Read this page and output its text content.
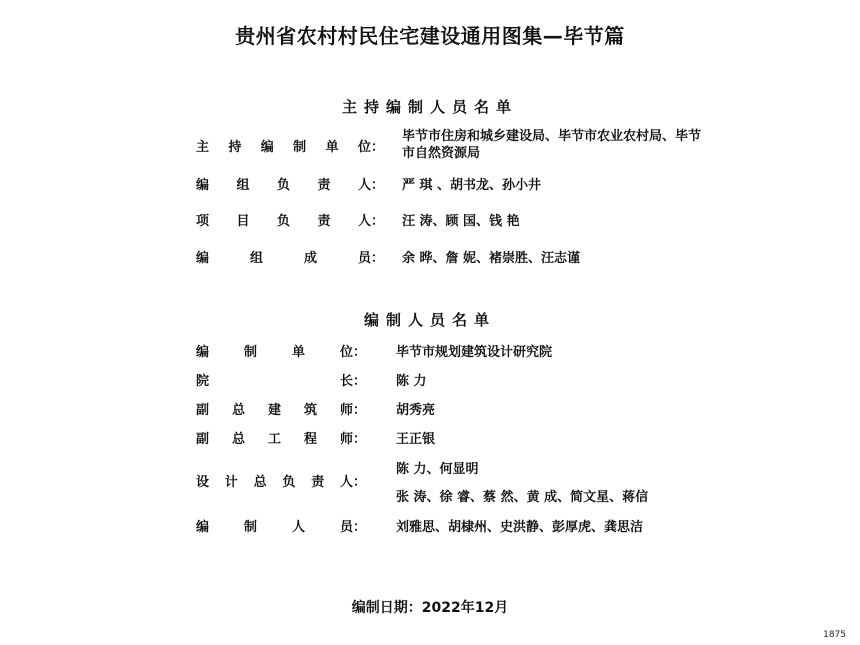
贵州省农村村民住宅建设通用图集—毕节篇
主持编制人员名单
主 持 编 制 单 位：
毕节市住房和城乡建设局、毕节市农业农村局、毕节市自然资源局
编 组 负 责 人： 严 琪 、胡书龙、孙小井
项 目 负 责 人： 汪 涛、顾 国、钱 艳
编	组	成	员： 余 晔、詹 妮、褚崇胜、汪志谨
编制人员名单
编	制	单	位： 毕节市规划建筑设计研究院
院	长： 陈 力
副 总 建 筑 师： 胡秀亮
副 总 工 程 师： 王正银
设 计 总 负 责 人：
陈 力、何显明
张 涛、徐 睿、蔡 然、黄 成、简文星、蒋信
编	制	人	员： 刘雅思、胡棣州、史洪静、彭厚虎、龚思洁
编制日期：2022年12月
1875
